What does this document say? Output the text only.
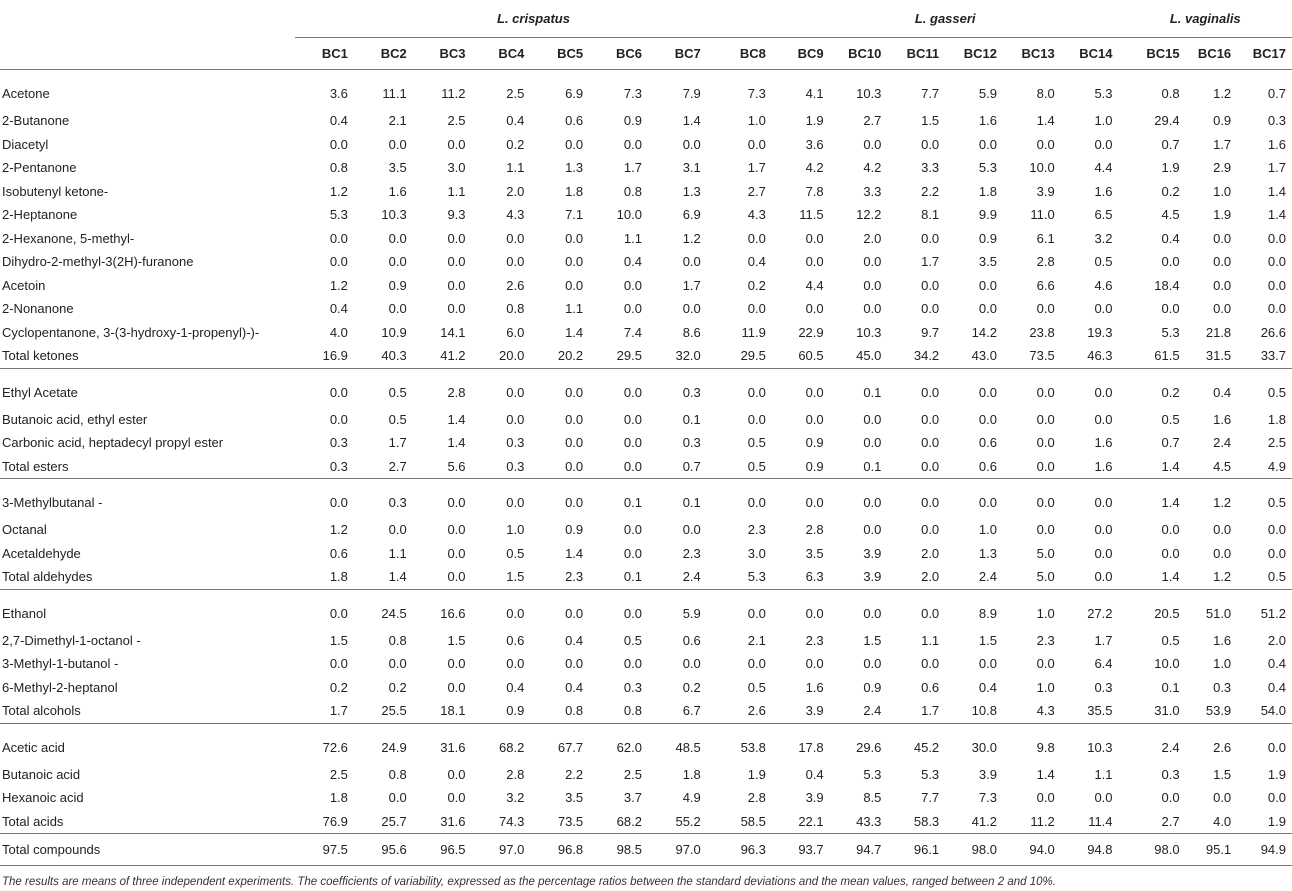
	L. crispatus								L. gasseri						L. vaginalis		
	BC1	BC2	BC3	BC4	BC5	BC6	BC7	BC8	BC9	BC10	BC11	BC12	BC13	BC14	BC15	BC16	BC17
Acetone	3.6	11.1	11.2	2.5	6.9	7.3	7.9	7.3	4.1	10.3	7.7	5.9	8.0	5.3	0.8	1.2	0.7
2-Butanone	0.4	2.1	2.5	0.4	0.6	0.9	1.4	1.0	1.9	2.7	1.5	1.6	1.4	1.0	29.4	0.9	0.3
Diacetyl	0.0	0.0	0.0	0.2	0.0	0.0	0.0	0.0	3.6	0.0	0.0	0.0	0.0	0.0	0.7	1.7	1.6
2-Pentanone	0.8	3.5	3.0	1.1	1.3	1.7	3.1	1.7	4.2	4.2	3.3	5.3	10.0	4.4	1.9	2.9	1.7
Isobutenyl ketone-	1.2	1.6	1.1	2.0	1.8	0.8	1.3	2.7	7.8	3.3	2.2	1.8	3.9	1.6	0.2	1.0	1.4
2-Heptanone	5.3	10.3	9.3	4.3	7.1	10.0	6.9	4.3	11.5	12.2	8.1	9.9	11.0	6.5	4.5	1.9	1.4
2-Hexanone, 5-methyl-	0.0	0.0	0.0	0.0	0.0	1.1	1.2	0.0	0.0	2.0	0.0	0.9	6.1	3.2	0.4	0.0	0.0
Dihydro-2-methyl-3(2H)-furanone	0.0	0.0	0.0	0.0	0.0	0.4	0.0	0.4	0.0	0.0	1.7	3.5	2.8	0.5	0.0	0.0	0.0
Acetoin	1.2	0.9	0.0	2.6	0.0	0.0	1.7	0.2	4.4	0.0	0.0	0.0	6.6	4.6	18.4	0.0	0.0
2-Nonanone	0.4	0.0	0.0	0.8	1.1	0.0	0.0	0.0	0.0	0.0	0.0	0.0	0.0	0.0	0.0	0.0	0.0
Cyclopentanone, 3-(3-hydroxy-1-propenyl)-)-	4.0	10.9	14.1	6.0	1.4	7.4	8.6	11.9	22.9	10.3	9.7	14.2	23.8	19.3	5.3	21.8	26.6
Total ketones	16.9	40.3	41.2	20.0	20.2	29.5	32.0	29.5	60.5	45.0	34.2	43.0	73.5	46.3	61.5	31.5	33.7
Ethyl Acetate	0.0	0.5	2.8	0.0	0.0	0.0	0.3	0.0	0.0	0.1	0.0	0.0	0.0	0.0	0.2	0.4	0.5
Butanoic acid, ethyl ester	0.0	0.5	1.4	0.0	0.0	0.0	0.1	0.0	0.0	0.0	0.0	0.0	0.0	0.0	0.5	1.6	1.8
Carbonic acid, heptadecyl propyl ester	0.3	1.7	1.4	0.3	0.0	0.0	0.3	0.5	0.9	0.0	0.0	0.6	0.0	1.6	0.7	2.4	2.5
Total esters	0.3	2.7	5.6	0.3	0.0	0.0	0.7	0.5	0.9	0.1	0.0	0.6	0.0	1.6	1.4	4.5	4.9
3-Methylbutanal -	0.0	0.3	0.0	0.0	0.0	0.1	0.1	0.0	0.0	0.0	0.0	0.0	0.0	0.0	1.4	1.2	0.5
Octanal	1.2	0.0	0.0	1.0	0.9	0.0	0.0	2.3	2.8	0.0	0.0	1.0	0.0	0.0	0.0	0.0	0.0
Acetaldehyde	0.6	1.1	0.0	0.5	1.4	0.0	2.3	3.0	3.5	3.9	2.0	1.3	5.0	0.0	0.0	0.0	0.0
Total aldehydes	1.8	1.4	0.0	1.5	2.3	0.1	2.4	5.3	6.3	3.9	2.0	2.4	5.0	0.0	1.4	1.2	0.5
Ethanol	0.0	24.5	16.6	0.0	0.0	0.0	5.9	0.0	0.0	0.0	0.0	8.9	1.0	27.2	20.5	51.0	51.2
2,7-Dimethyl-1-octanol -	1.5	0.8	1.5	0.6	0.4	0.5	0.6	2.1	2.3	1.5	1.1	1.5	2.3	1.7	0.5	1.6	2.0
3-Methyl-1-butanol -	0.0	0.0	0.0	0.0	0.0	0.0	0.0	0.0	0.0	0.0	0.0	0.0	0.0	6.4	10.0	1.0	0.4
6-Methyl-2-heptanol	0.2	0.2	0.0	0.4	0.4	0.3	0.2	0.5	1.6	0.9	0.6	0.4	1.0	0.3	0.1	0.3	0.4
Total alcohols	1.7	25.5	18.1	0.9	0.8	0.8	6.7	2.6	3.9	2.4	1.7	10.8	4.3	35.5	31.0	53.9	54.0
Acetic acid	72.6	24.9	31.6	68.2	67.7	62.0	48.5	53.8	17.8	29.6	45.2	30.0	9.8	10.3	2.4	2.6	0.0
Butanoic acid	2.5	0.8	0.0	2.8	2.2	2.5	1.8	1.9	0.4	5.3	5.3	3.9	1.4	1.1	0.3	1.5	1.9
Hexanoic acid	1.8	0.0	0.0	3.2	3.5	3.7	4.9	2.8	3.9	8.5	7.7	7.3	0.0	0.0	0.0	0.0	0.0
Total acids	76.9	25.7	31.6	74.3	73.5	68.2	55.2	58.5	22.1	43.3	58.3	41.2	11.2	11.4	2.7	4.0	1.9
Total compounds	97.5	95.6	96.5	97.0	96.8	98.5	97.0	96.3	93.7	94.7	96.1	98.0	94.0	94.8	98.0	95.1	94.9
The results are means of three independent experiments. The coefficients of variability, expressed as the percentage ratios between the standard deviations and the mean values, ranged between 2 and 10%.
